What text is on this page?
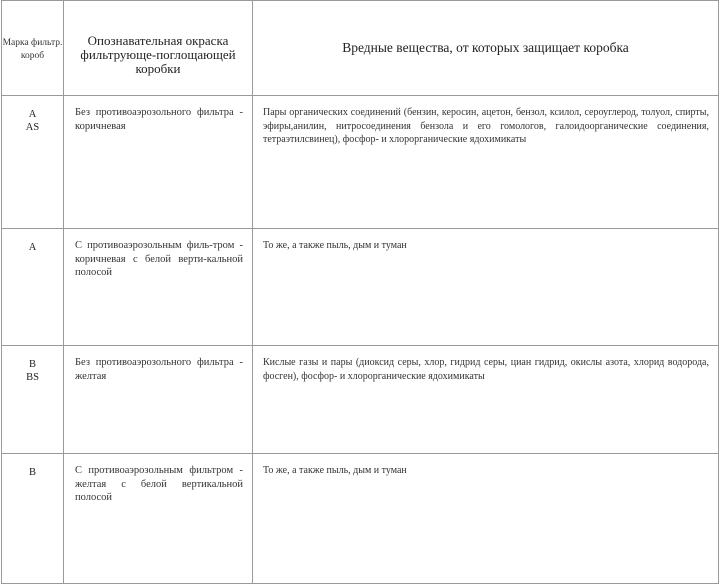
Марка фильтр. короб	Опознавательная окраска фильтрующе-поглощающей коробки	Вредные вещества, от которых защищает коробка

А
АЅ	Без противоаэрозольного фильтра - коричневая	Пары органических соединений (бензин, керосин, ацетон, бензол, ксилол, сероуглерод, толуол, спирты, эфиры,анилин, нитросоединения бензола и его гомологов, галоидоорганические соединения, тетраэтилсвинец), фосфор- и хлорорганические ядохимикаты

А	С противоаэрозольным филь-тром - коричневая с белой верти-кальной полосой	То же, а также пыль, дым и туман

В
ВЅ	Без противоаэрозольного фильтра - желтая	Кислые газы и пары (диоксид серы, хлор, гидрид серы, циан гидрид, окислы азота, хлорид водорода, фосген), фосфор- и хлорорганические ядохимикаты

В	С противоаэрозольным фильтром - желтая с белой вертикальной полосой	То же, а также пыль, дым и туман
